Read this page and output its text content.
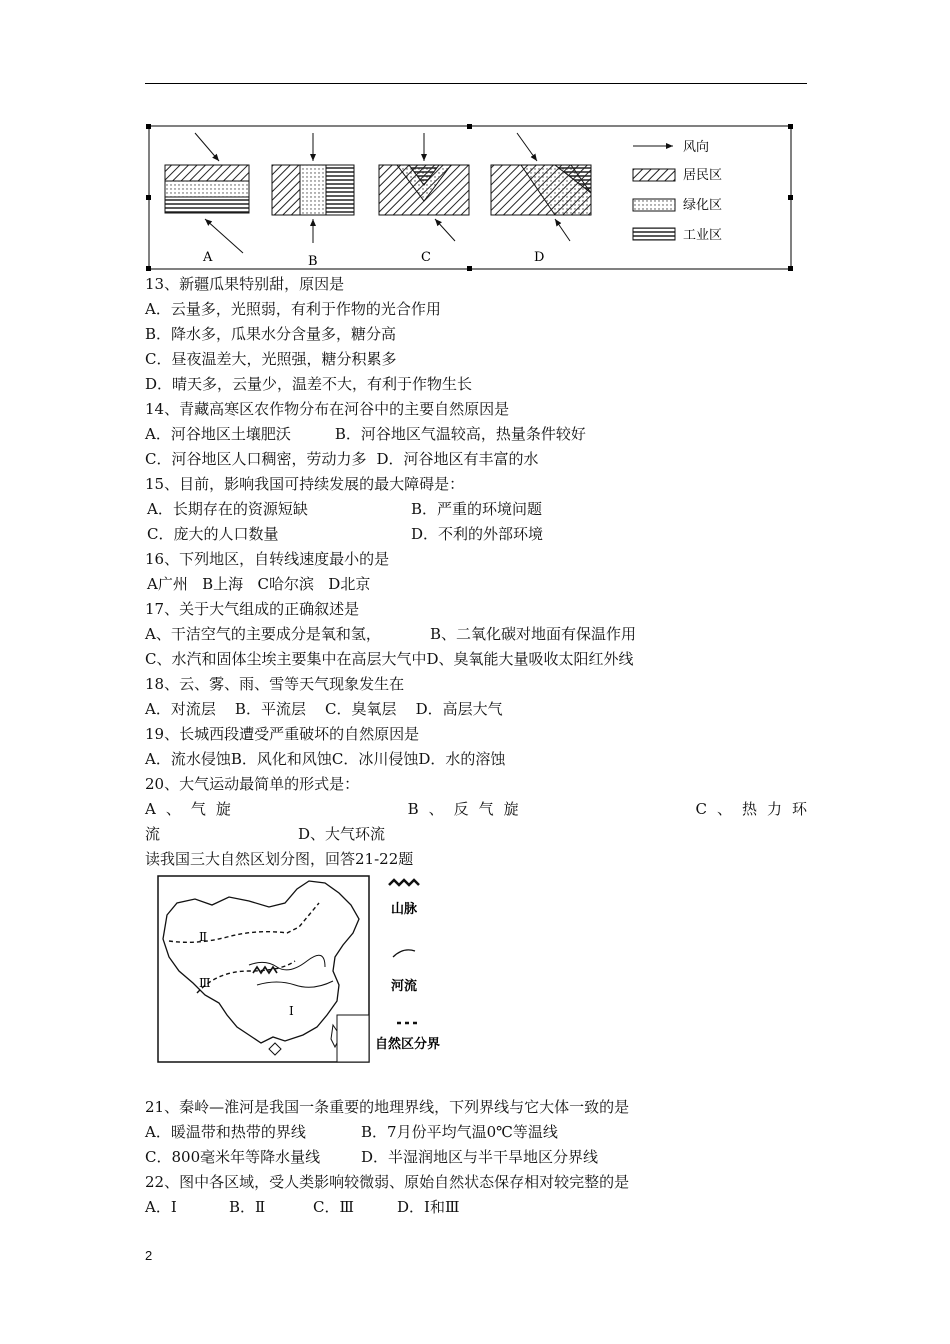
A	B	C	D
风向
居民区
绿化区
工业区
13、新疆瓜果特别甜，原因是
A．云量多，光照弱，有利于作物的光合作用
B．降水多，瓜果水分含量多，糖分高
C．昼夜温差大，光照强，糖分积累多
D．晴天多，云量少，温差不大，有利于作物生长
14、青藏高寒区农作物分布在河谷中的主要自然原因是
A．河谷地区土壤肥沃	B．河谷地区气温较高，热量条件较好
C．河谷地区人口稠密，劳动力多 D．河谷地区有丰富的水
15、目前，影响我国可持续发展的最大障碍是：
A．长期存在的资源短缺	B．严重的环境问题
C．庞大的人口数量	D．不利的外部环境
16、下列地区，自转线速度最小的是
A广州 B上海 C哈尔滨 D北京
17、关于大气组成的正确叙述是
A、干洁空气的主要成分是氧和氢，	B、二氧化碳对地面有保温作用
C、水汽和固体尘埃主要集中在高层大气中D、臭氧能大量吸收太阳红外线
18、云、雾、雨、雪等天气现象发生在
A．对流层 B．平流层 C．臭氧层 D．高层大气
19、长城西段遭受严重破坏的自然原因是
A．流水侵蚀B．风化和风蚀C．冰川侵蚀D．水的溶蚀
20、大气运动最简单的形式是：
A、气旋	B、反气旋	C、热力环
流	D、大气环流
读我国三大自然区划分图，回答21-22题
Ⅱ
Ⅲ
Ⅰ
山脉
河流
自然区分界
21、秦岭—淮河是我国一条重要的地理界线，下列界线与它大体一致的是
A．暖温带和热带的界线	B．7月份平均气温0℃等温线
C．800毫米年等降水量线	D．半湿润地区与半干旱地区分界线
22、图中各区域，受人类影响较微弱、原始自然状态保存相对较完整的是
A．Ⅰ	B．Ⅱ	C．Ⅲ	D．Ⅰ和Ⅲ
2
